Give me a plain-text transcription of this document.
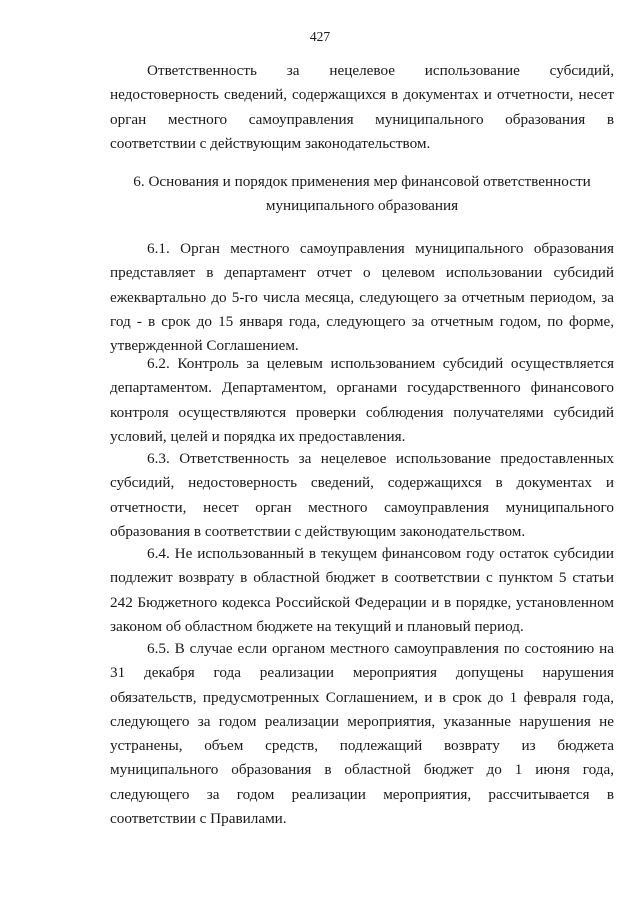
427

Ответственность за нецелевое использование субсидий, недостоверность сведений, содержащихся в документах и отчетности, несет орган местного самоуправления муниципального образования в соответствии с действующим законодательством.

6. Основания и порядок применения мер финансовой ответственности
муниципального образования

6.1. Орган местного самоуправления муниципального образования представляет в департамент отчет о целевом использовании субсидий ежеквартально до 5-го числа месяца, следующего за отчетным периодом, за год - в срок до 15 января года, следующего за отчетным годом, по форме, утвержденной Соглашением.

6.2. Контроль за целевым использованием субсидий осуществляется департаментом. Департаментом, органами государственного финансового контроля осуществляются проверки соблюдения получателями субсидий условий, целей и порядка их предоставления.

6.3. Ответственность за нецелевое использование предоставленных субсидий, недостоверность сведений, содержащихся в документах и отчетности, несет орган местного самоуправления муниципального образования в соответствии с действующим законодательством.

6.4. Не использованный в текущем финансовом году остаток субсидии подлежит возврату в областной бюджет в соответствии с пунктом 5 статьи 242 Бюджетного кодекса Российской Федерации и в порядке, установленном законом об областном бюджете на текущий и плановый период.

6.5. В случае если органом местного самоуправления по состоянию на 31 декабря года реализации мероприятия допущены нарушения обязательств, предусмотренных Соглашением, и в срок до 1 февраля года, следующего за годом реализации мероприятия, указанные нарушения не устранены, объем средств, подлежащий возврату из бюджета муниципального образования в областной бюджет до 1 июня года, следующего за годом реализации мероприятия, рассчитывается в соответствии с Правилами.
